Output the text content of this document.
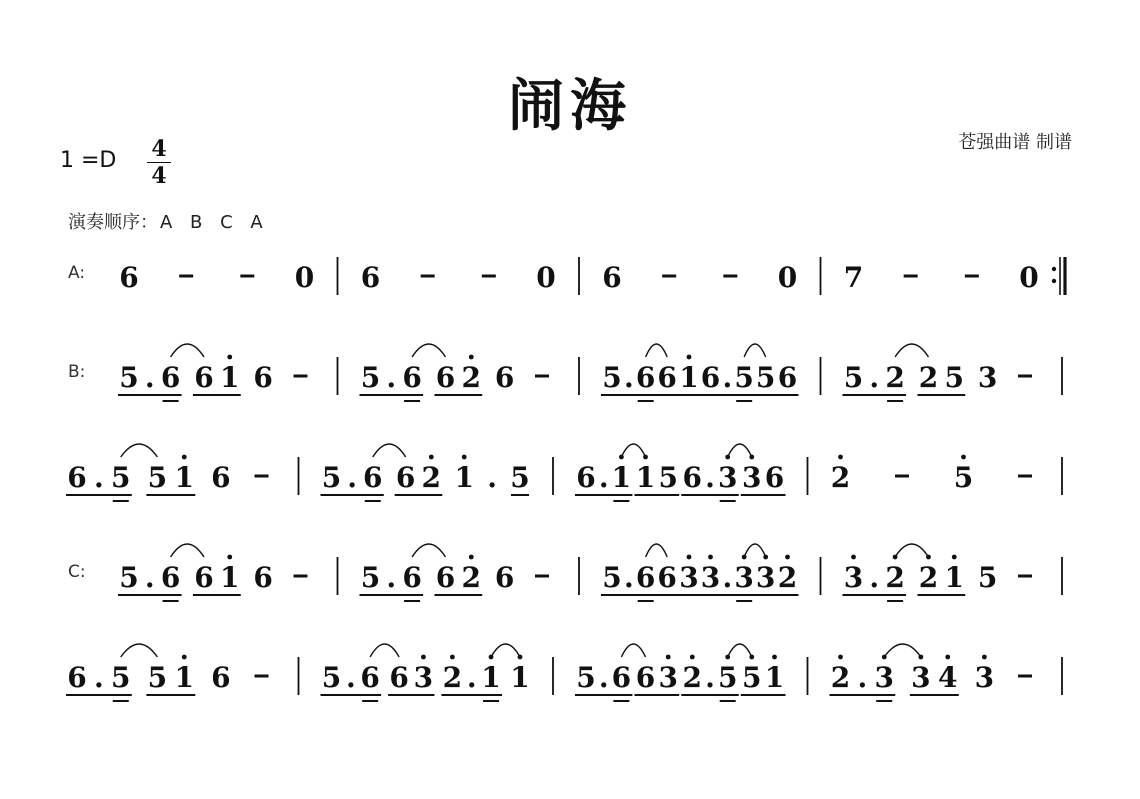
闹海
苍强曲谱 制谱
1 =D 4
4
演奏顺序： A B C A
A:
B:
C:
6	0 6	0 6	0 7	0
5 . 6 6 1 6	5 . 6 6 2 6	5 . 6 6 1 6 . 5 5 6 5 . 2 2 5 3
6 . 5 5 1 6	5 . 6 6 2 1 . 5 6 . 1 1 5 6 . 3 3 6 2	5
5 . 6 6 1 6	5 . 6 6 2 6	5 . 6 6 3 3 . 3 3 2 3 . 2 2 1 5
6 . 5 5 1 6	5 . 6 6 3 2 . 1 1 5 . 6 6 3 2 . 5 5 1 2 . 3 3 4 3
